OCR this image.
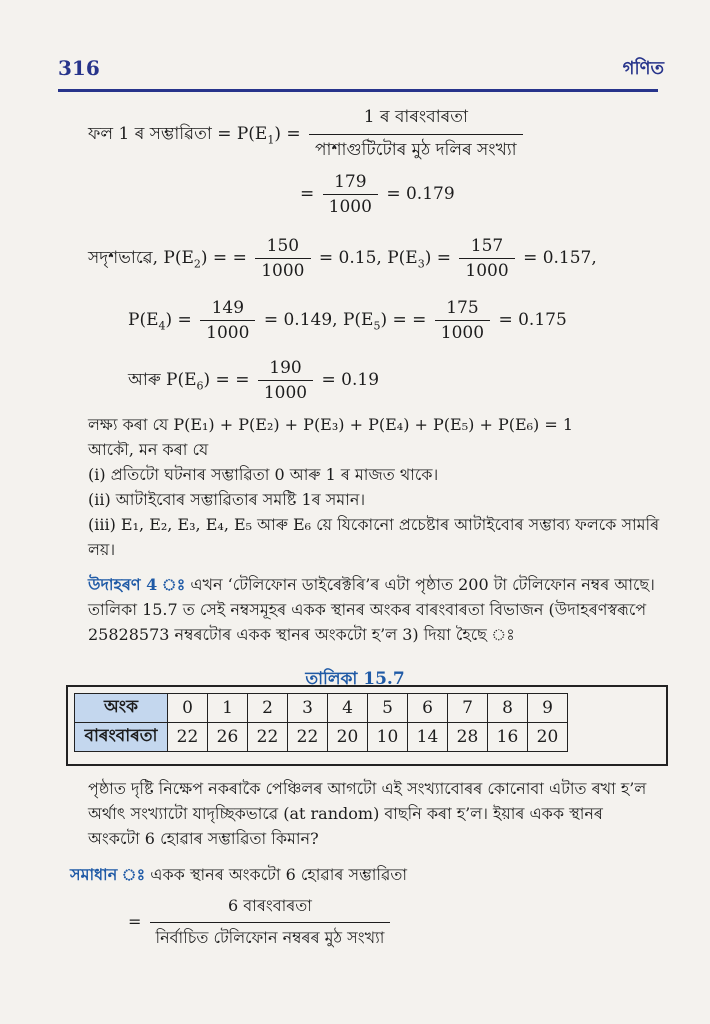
316	গণিত
ফল 1 ৰ সম্ভাৱিতা = $P(E_1) = \frac{\text{1 ৰ বাৰংবাৰতা}}{\text{পাশাগুটিটোৰ মুঠ দলিৰ সংখ্যা}}$
= $\frac{179}{1000} = 0.179$
সদৃশভাৱে, $P(E_2)$ = = $\frac{150}{1000} = 0.15$, $P(E_3) = \frac{157}{1000} = 0.157$,
$P(E_4) = \frac{149}{1000} = 0.149$, $P(E_5)$ = = $\frac{175}{1000} = 0.175$
আৰু $P(E_6)$ = = $\frac{190}{1000} = 0.19$
লক্ষ্য কৰা যে P(E₁) + P(E₂) + P(E₃) + P(E₄) + P(E₅) + P(E₆) = 1
আকৌ, মন কৰা যে
(i) প্ৰতিটো ঘটনাৰ সম্ভাৱিতা 0 আৰু 1 ৰ মাজত থাকে।
(ii) আটাইবোৰ সম্ভাৱিতাৰ সমষ্টি 1ৰ সমান।
(iii) E₁, E₂, E₃, E₄, E₅ আৰু E₆ য়ে যিকোনো প্ৰচেষ্টাৰ আটাইবোৰ সম্ভাব্য ফলকে সামৰি
লয়।
উদাহৰণ 4 ঃ এখন ‘টেলিফোন ডাইৰেক্টৰি’ৰ এটা পৃষ্ঠাত 200 টা টেলিফোন নম্বৰ আছে। তালিকা 15.7 ত সেই নম্বসমূহৰ একক স্থানৰ অংকৰ বাৰংবাৰতা বিভাজন (উদাহৰণস্বৰূপে 25828573 নম্বৰটোৰ একক স্থানৰ অংকটো হ’ল 3) দিয়া হৈছে ঃ
তালিকা 15.7
অংক	0	1	2	3	4	5	6	7	8	9
বাৰংবাৰতা	22	26	22	22	20	10	14	28	16	20
পৃষ্ঠাত দৃষ্টি নিক্ষেপ নকৰাকৈ পেঞ্চিলৰ আগটো এই সংখ্যাবোৰৰ কোনোবা এটাত ৰখা হ’ল অৰ্থাৎ সংখ্যাটো যাদৃচ্ছিকভাৱে (at random) বাছনি কৰা হ’ল। ইয়াৰ একক স্থানৰ অংকটো 6 হোৱাৰ সম্ভাৱিতা কিমান?
সমাধান ঃ একক স্থানৰ অংকটো 6 হোৱাৰ সম্ভাৱিতা
= $\frac{\text{6 বাৰংবাৰতা}}{\text{নিৰ্বাচিত টেলিফোন নম্বৰৰ মুঠ সংখ্যা}}$
